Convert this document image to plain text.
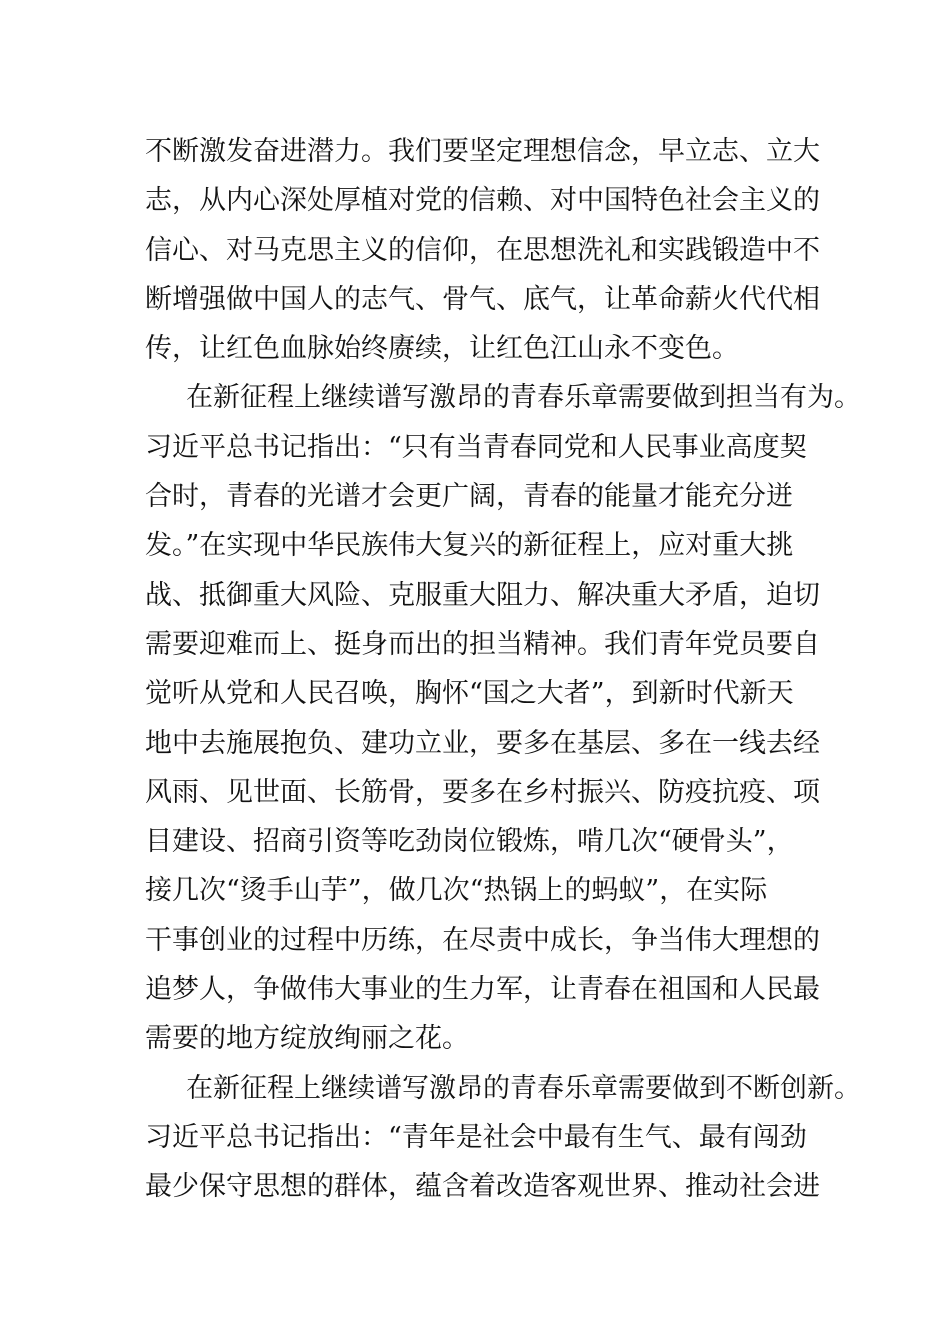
不断激发奋进潜力。我们要坚定理想信念，早立志、立大
志，从内心深处厚植对党的信赖、对中国特色社会主义的
信心、对马克思主义的信仰，在思想洗礼和实践锻造中不
断增强做中国人的志气、骨气、底气，让革命薪火代代相
传，让红色血脉始终赓续，让红色江山永不变色。
在新征程上继续谱写激昂的青春乐章需要做到担当有为。
习近平总书记指出：“只有当青春同党和人民事业高度契
合时，青春的光谱才会更广阔，青春的能量才能充分迸
发。”在实现中华民族伟大复兴的新征程上，应对重大挑
战、抵御重大风险、克服重大阻力、解决重大矛盾，迫切
需要迎难而上、挺身而出的担当精神。我们青年党员要自
觉听从党和人民召唤，胸怀“国之大者”，到新时代新天
地中去施展抱负、建功立业，要多在基层、多在一线去经
风雨、见世面、长筋骨，要多在乡村振兴、防疫抗疫、项
目建设、招商引资等吃劲岗位锻炼，啃几次“硬骨头”，
接几次“烫手山芋”，做几次“热锅上的蚂蚁”，在实际
干事创业的过程中历练，在尽责中成长，争当伟大理想的
追梦人，争做伟大事业的生力军，让青春在祖国和人民最
需要的地方绽放绚丽之花。
在新征程上继续谱写激昂的青春乐章需要做到不断创新。
习近平总书记指出：“青年是社会中最有生气、最有闯劲
最少保守思想的群体，蕴含着改造客观世界、推动社会进
